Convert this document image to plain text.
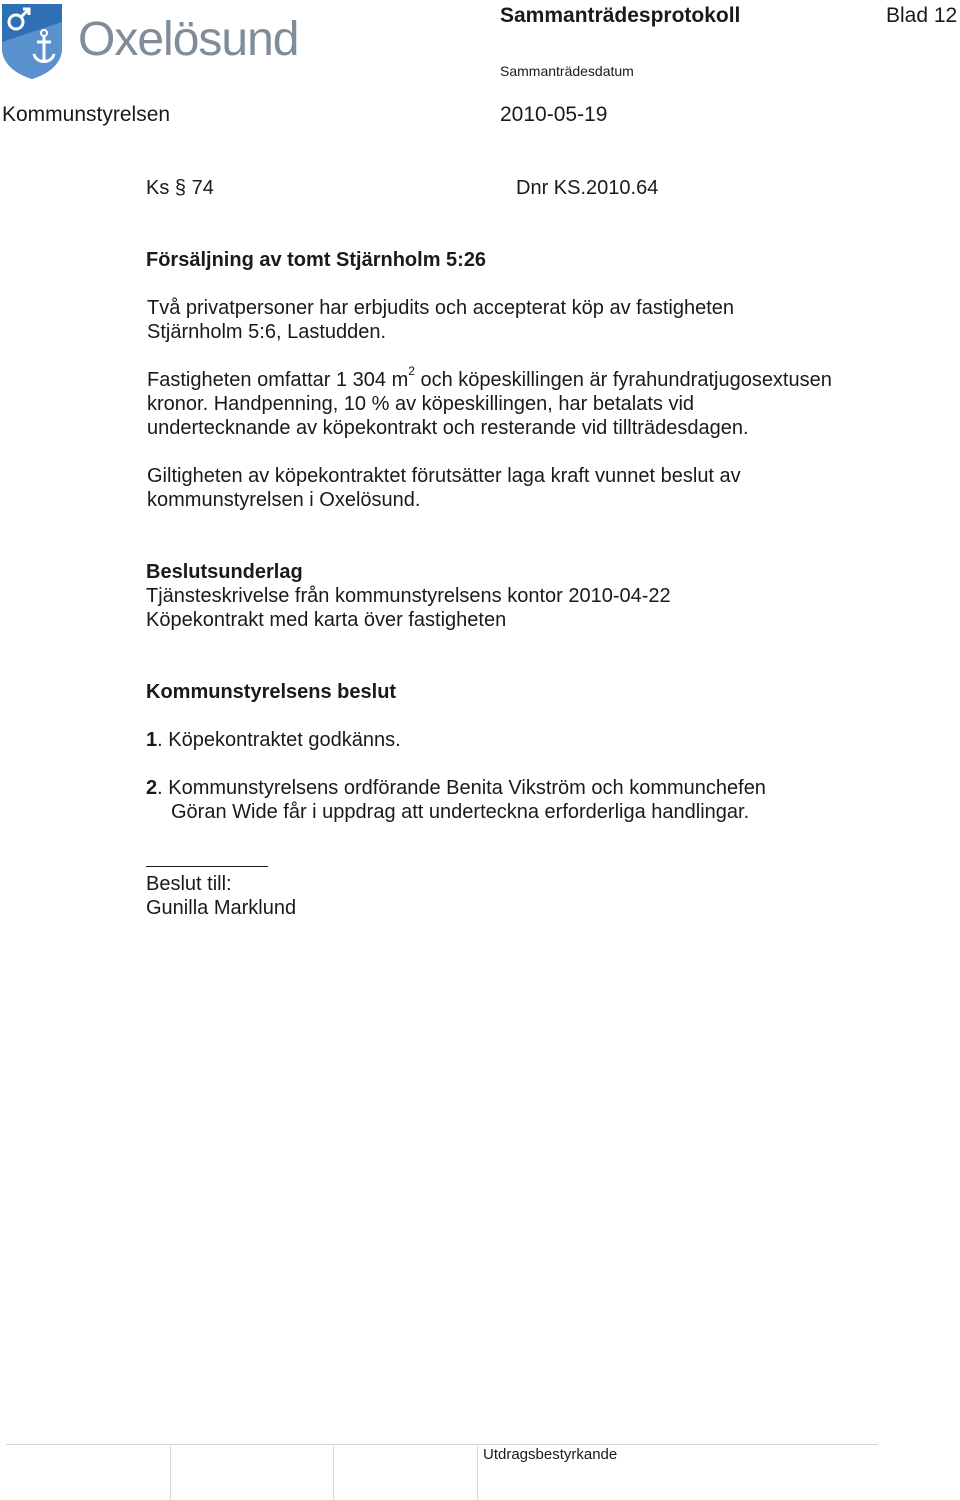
Oxelösund	Sammanträdesprotokoll	Blad 12
Sammanträdesdatum
Kommunstyrelsen	2010-05-19
Ks § 74	Dnr KS.2010.64
Försäljning av tomt Stjärnholm 5:26
Två privatpersoner har erbjudits och accepterat köp av fastigheten
Stjärnholm 5:6, Lastudden.
Fastigheten omfattar 1 304 $m^2$ och köpeskillingen är fyrahundratjugosextusen
kronor. Handpenning, 10 % av köpeskillingen, har betalats vid
undertecknande av köpekontrakt och resterande vid tillträdesdagen.
Giltigheten av köpekontraktet förutsätter laga kraft vunnet beslut av
kommunstyrelsen i Oxelösund.
Beslutsunderlag
Tjänsteskrivelse från kommunstyrelsens kontor 2010-04-22
Köpekontrakt med karta över fastigheten
Kommunstyrelsens beslut
1. Köpekontraktet godkänns.
2. Kommunstyrelsens ordförande Benita Vikström och kommunchefen
Göran Wide får i uppdrag att underteckna erforderliga handlingar.
Beslut till:
Gunilla Marklund
Utdragsbestyrkande
